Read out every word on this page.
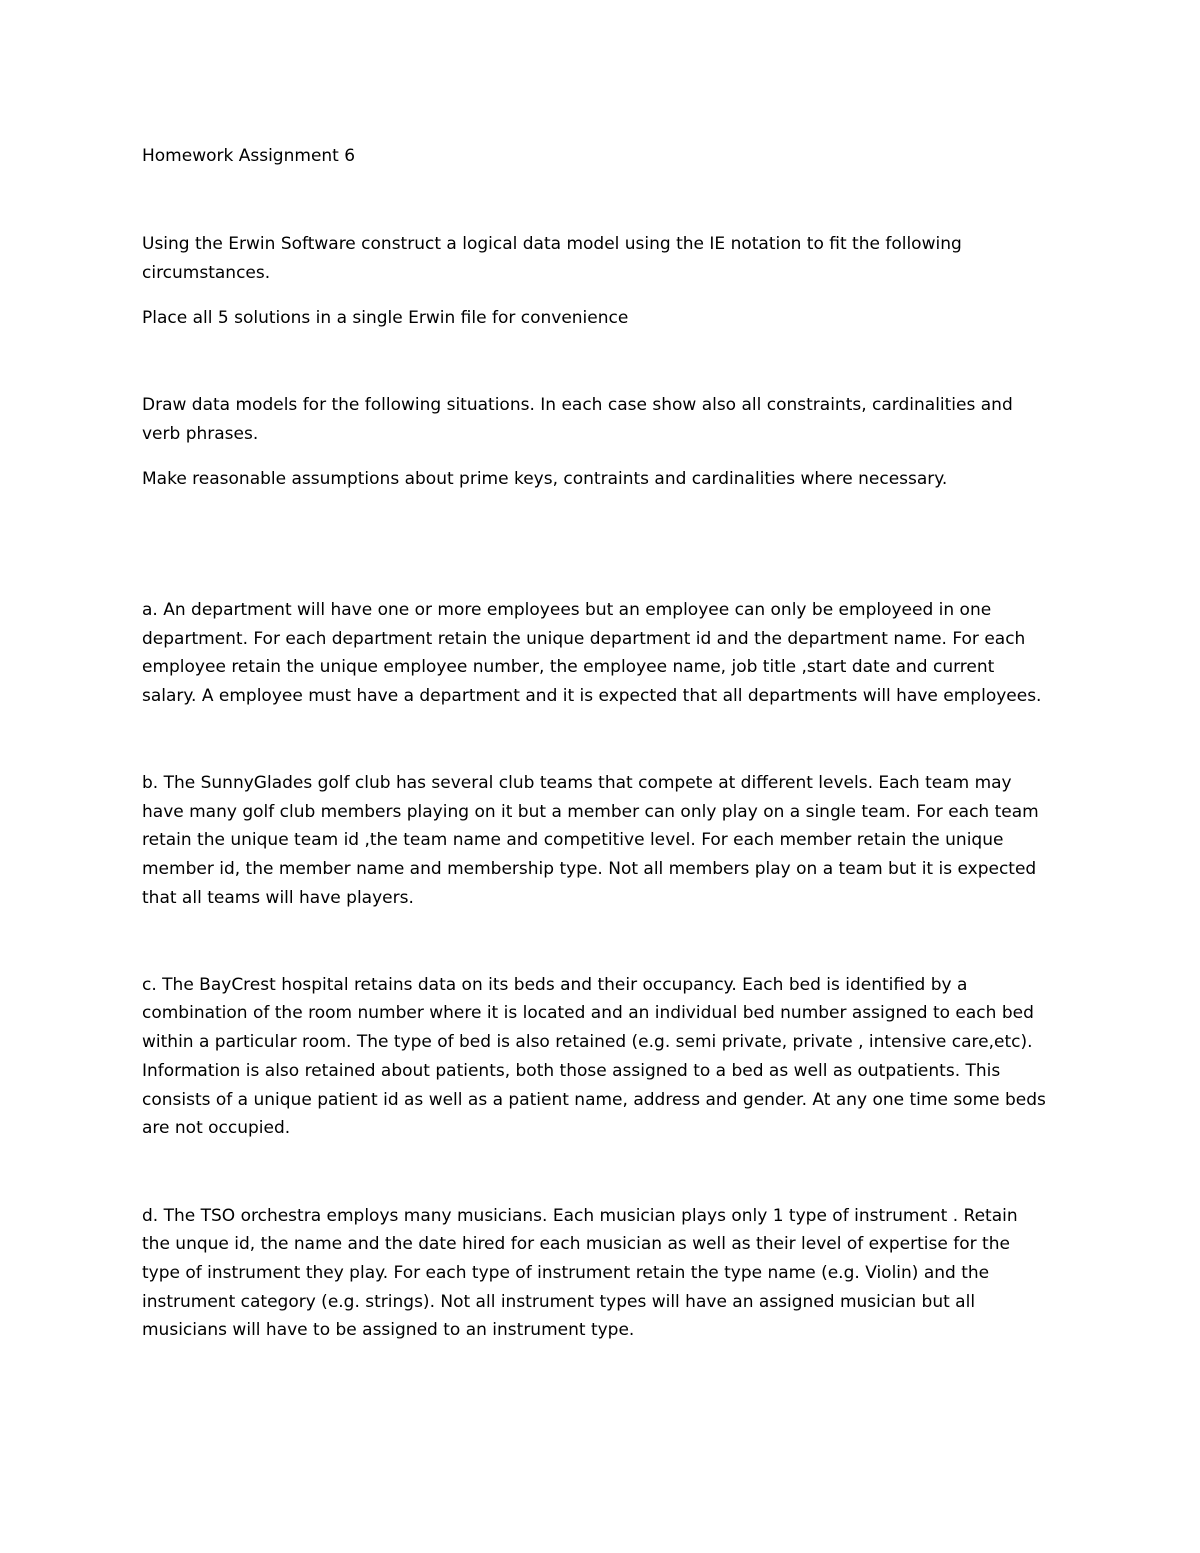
Homework Assignment 6

Using the Erwin Software construct a logical data model using the IE notation to fit the following

circumstances.

Place all 5 solutions in a single Erwin file for convenience

Draw data models for the following situations. In each case show also all constraints, cardinalities and

verb phrases.

Make reasonable assumptions about prime keys, contraints and cardinalities where necessary.

a. An department will have one or more employees but an employee can only be employeed in one

department. For each department retain the unique department id and the department name. For each

employee retain the unique employee number, the employee name, job title ,start date and current

salary. A employee must have a department and it is expected that all departments will have employees.

b. The SunnyGlades golf club has several club teams that compete at different levels. Each team may

have many golf club members playing on it but a member can only play on a single team. For each team

retain the unique team id ,the team name and competitive level. For each member retain the unique

member id, the member name and membership type. Not all members play on a team but it is expected

that all teams will have players.

c. The BayCrest hospital retains data on its beds and their occupancy. Each bed is identified by a

combination of the room number where it is located and an individual bed number assigned to each bed

within a particular room. The type of bed is also retained (e.g. semi private, private , intensive care,etc).

Information is also retained about patients, both those assigned to a bed as well as outpatients. This

consists of a unique patient id as well as a patient name, address and gender. At any one time some beds

are not occupied.

d. The TSO orchestra employs many musicians. Each musician plays only 1 type of instrument . Retain

the unque id, the name and the date hired for each musician as well as their level of expertise for the

type of instrument they play. For each type of instrument retain the type name (e.g. Violin) and the

instrument category (e.g. strings). Not all instrument types will have an assigned musician but all

musicians will have to be assigned to an instrument type.
